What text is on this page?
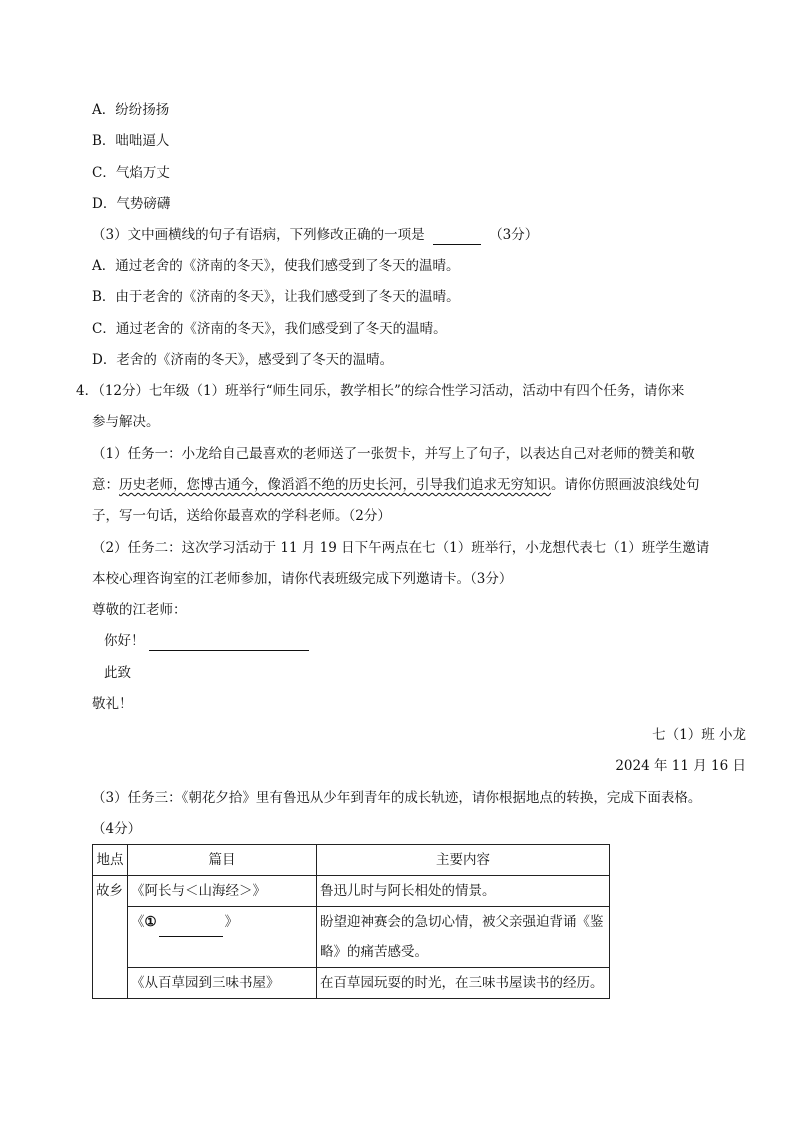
A．纷纷扬扬
B．咄咄逼人
C．气焰万丈
D．气势磅礴
（3）文中画横线的句子有语病，下列修改正确的一项是	（3分）
A．通过老舍的《济南的冬天》，使我们感受到了冬天的温晴。
B．由于老舍的《济南的冬天》，让我们感受到了冬天的温晴。
C．通过老舍的《济南的冬天》，我们感受到了冬天的温晴。
D．老舍的《济南的冬天》，感受到了冬天的温晴。
4．（12分）七年级（1）班举行“师生同乐，教学相长”的综合性学习活动，活动中有四个任务，请你来
参与解决。
（1）任务一：小龙给自己最喜欢的老师送了一张贺卡，并写上了句子，以表达自己对老师的赞美和敬
意：历史老师，您博古通今，像滔滔不绝的历史长河，引导我们追求无穷知识。请你仿照画波浪线处句
子，写一句话，送给你最喜欢的学科老师。（2分）
（2）任务二：这次学习活动于 11 月 19 日下午两点在七（1）班举行，小龙想代表七（1）班学生邀请
本校心理咨询室的江老师参加，请你代表班级完成下列邀请卡。（3分）
尊敬的江老师：
你好！
此致
敬礼！
七（1）班 小龙
2024 年 11 月 16 日
（3）任务三：《朝花夕拾》里有鲁迅从少年到青年的成长轨迹，请你根据地点的转换，完成下面表格。
（4分）
地点	篇目	主要内容
故乡	《阿长与＜山海经＞》	鲁迅儿时与阿长相处的情景。
	《① 》	盼望迎神赛会的急切心情，被父亲强迫背诵《鉴
略》的痛苦感受。

	《从百草园到三味书屋》	在百草园玩耍的时光，在三味书屋读书的经历。
